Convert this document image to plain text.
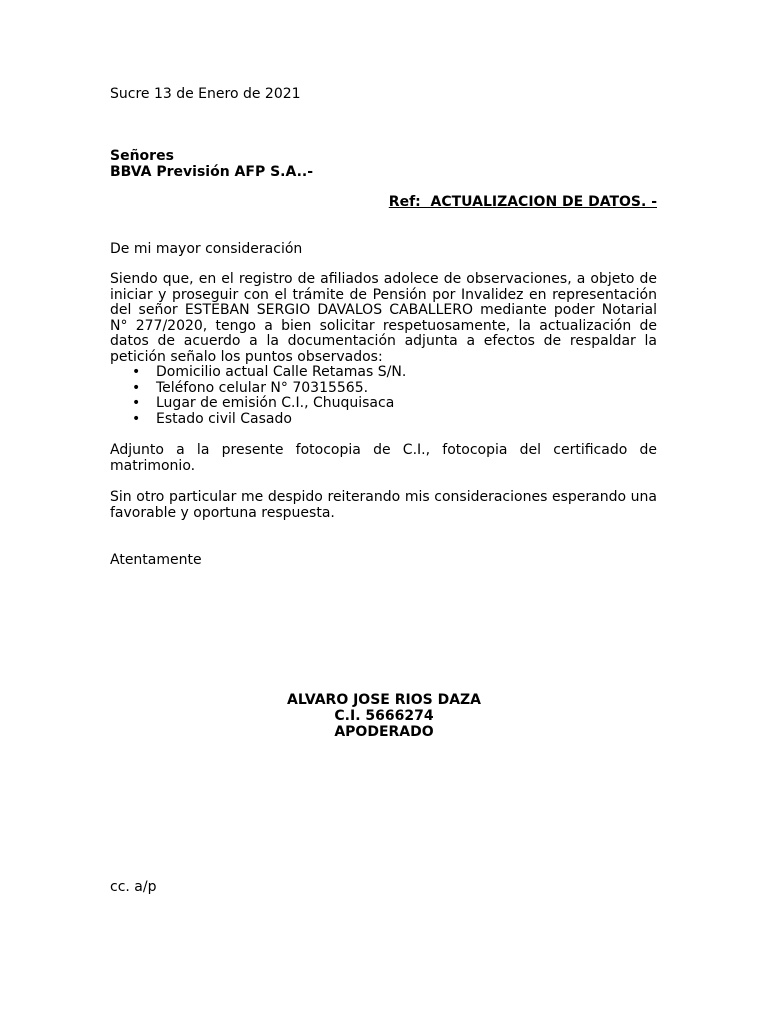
Sucre 13 de Enero de 2021
Señores
BBVA Previsión AFP S.A..-
Ref:  ACTUALIZACION DE DATOS. -
De mi mayor consideración
Siendo que, en el registro de afiliados adolece de observaciones, a objeto de iniciar y proseguir con el trámite de Pensión por Invalidez en representación del señor ESTEBAN SERGIO DAVALOS CABALLERO mediante poder Notarial N° 277/2020, tengo a bien solicitar respetuosamente, la actualización de datos de acuerdo a la documentación adjunta a efectos de respaldar la petición señalo los puntos observados:
• Domicilio actual Calle Retamas S/N.
• Teléfono celular N° 70315565.
• Lugar de emisión C.I., Chuquisaca
• Estado civil Casado
Adjunto a la presente fotocopia de C.I., fotocopia del certificado de matrimonio.
Sin otro particular me despido reiterando mis consideraciones esperando una favorable y oportuna respuesta.
Atentamente
ALVARO JOSE RIOS DAZA
C.I. 5666274
APODERADO
cc. a/p
